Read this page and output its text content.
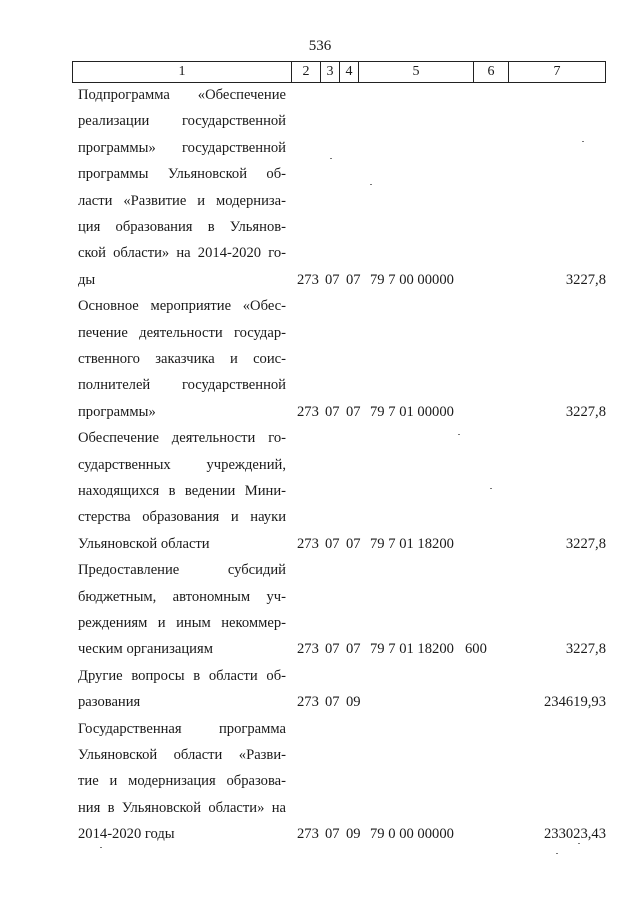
536
1	2	3	4	5	6	7
Подпрограмма «Обеспечение
реализации государственной
программы» государственной
программы Ульяновской об-
ласти «Развитие и модерниза-
ция образования в Ульянов-
ской области» на 2014-2020 го-
ды	273 07 07 79 7 00 00000	3227,8
Основное мероприятие «Обес-
печение деятельности государ-
ственного заказчика и соис-
полнителей государственной
программы»	273 07 07 79 7 01 00000	3227,8
Обеспечение деятельности го-
сударственных учреждений,
находящихся в ведении Мини-
стерства образования и науки
Ульяновской области	273 07 07 79 7 01 18200	3227,8
Предоставление субсидий
бюджетным, автономным уч-
реждениям и иным некоммер-
ческим организациям	273 07 07 79 7 01 18200 600	3227,8
Другие вопросы в области об-
разования	273 07 09	234619,93
Государственная программа
Ульяновской области «Разви-
тие и модернизация образова-
ния в Ульяновской области» на
2014-2020 годы	273 07 09 79 0 00 00000	233023,43
